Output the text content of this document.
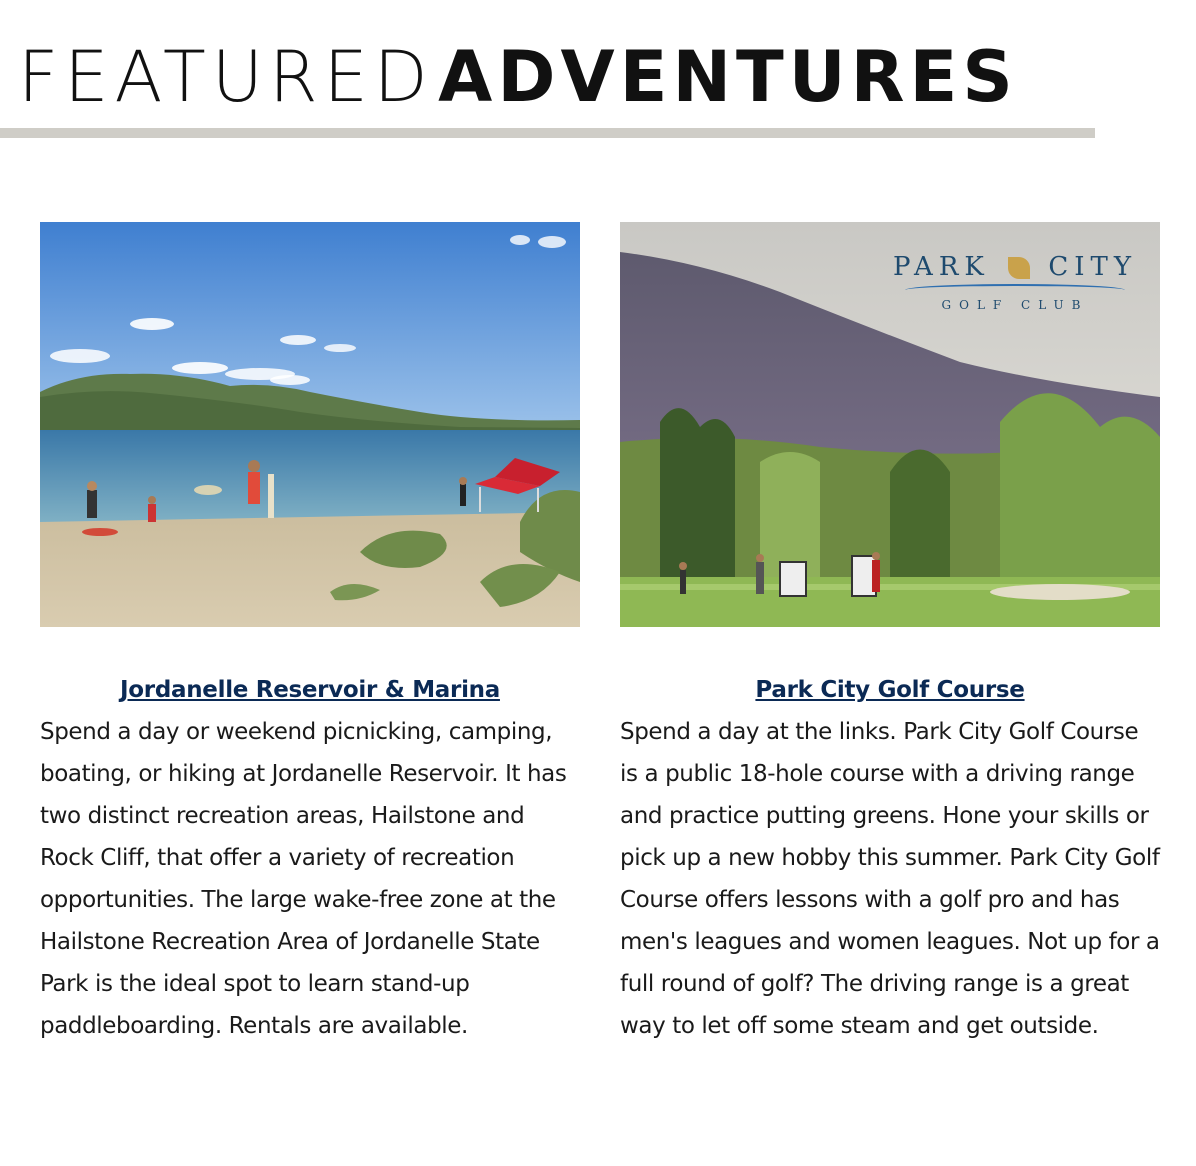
FEATURED ADVENTURES
Jordanelle Reservoir & Marina
Spend a day or weekend picnicking, camping, boating, or hiking at Jordanelle Reservoir. It has two distinct recreation areas, Hailstone and Rock Cliff, that offer a variety of recreation opportunities. The large wake-free zone at the Hailstone Recreation Area of Jordanelle State Park is the ideal spot to learn stand-up paddleboarding. Rentals are available.
PARK CITY
GOLF CLUB
Park City Golf Course
Spend a day at the links. Park City Golf Course is a public 18-hole course with a driving range and practice putting greens. Hone your skills or pick up a new hobby this summer. Park City Golf Course offers lessons with a golf pro and has men's leagues and women leagues. Not up for a full round of golf? The driving range is a great way to let off some steam and get outside.
